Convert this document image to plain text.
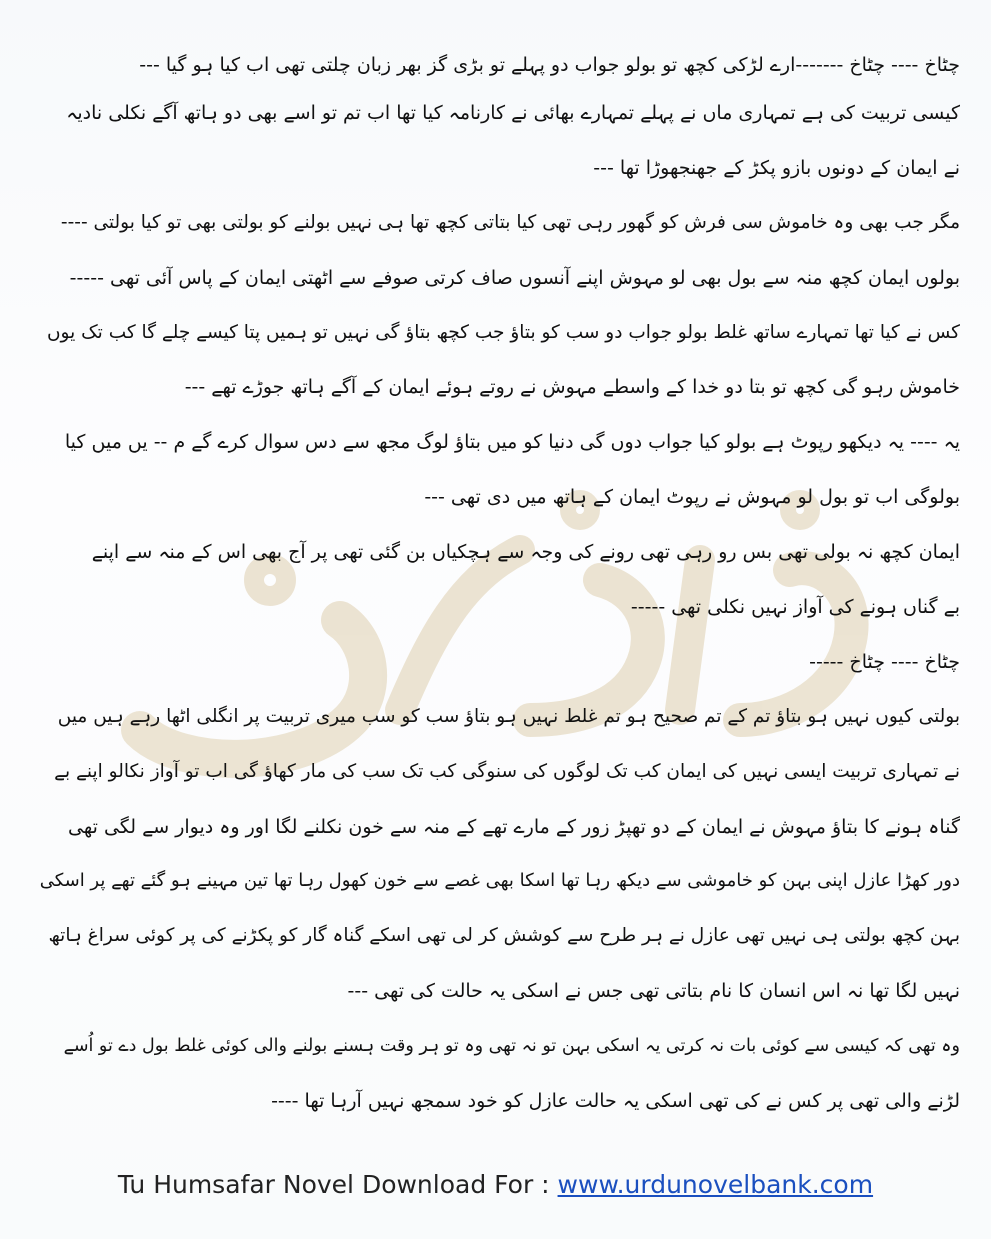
چٹاخ ---- چٹاخ -------ارے لڑکی کچھ تو بولو جواب دو پہلے تو بڑی گز بھر زبان چلتی تھی اب کیا ہو گیا ---
کیسی تربیت کی ہے تمہاری ماں نے پہلے تمہارے بھائی نے کارنامہ کیا تھا اب تم تو اسے بھی دو ہاتھ آگے نکلی نادیہ
نے ایمان کے دونوں بازو پکڑ کے جھنجھوڑا تھا ---
مگر جب بھی وہ خاموش سی فرش کو گھور رہی تھی کیا بتاتی کچھ تھا ہی نہیں بولنے کو بولتی بھی تو کیا بولتی ----
بولوں ایمان کچھ منہ سے بول بھی لو مہوش اپنے آنسوں صاف کرتی صوفے سے اٹھتی ایمان کے پاس آئی تھی -----
کس نے کیا تھا تمہارے ساتھ غلط بولو جواب دو سب کو بتاؤ جب کچھ بتاؤ گی نہیں تو ہمیں پتا کیسے چلے گا کب تک یوں
خاموش رہو گی کچھ تو بتا دو خدا کے واسطے مہوش نے روتے ہوئے ایمان کے آگے ہاتھ جوڑے تھے ---
یہ ---- یہ دیکھو رپوٹ ہے بولو کیا جواب دوں گی دنیا کو میں بتاؤ لوگ مجھ سے دس سوال کرے گے م -- یں میں کیا
بولوگی اب تو بول لو مہوش نے رپوٹ ایمان کے ہاتھ میں دی تھی ---
ایمان کچھ نہ بولی تھی بس رو رہی تھی رونے کی وجہ سے ہچکیاں بن گئی تھی پر آج بھی اس کے منہ سے اپنے
بے گناں ہونے کی آواز نہیں نکلی تھی -----
چٹاخ ---- چٹاخ -----
بولتی کیوں نہیں ہو بتاؤ تم کے تم صحیح ہو تم غلط نہیں ہو بتاؤ سب کو سب میری تربیت پر انگلی اٹھا رہے ہیں میں
نے تمہاری تربیت ایسی نہیں کی ایمان کب تک لوگوں کی سنوگی کب تک سب کی مار کھاؤ گی اب تو آواز نکالو اپنے بے
گناہ ہونے کا بتاؤ مہوش نے ایمان کے دو تھپڑ زور کے مارے تھے کے منہ سے خون نکلنے لگا اور وہ دیوار سے لگی تھی
دور کھڑا عازل اپنی بہن کو خاموشی سے دیکھ رہا تھا اسکا بھی غصے سے خون کھول رہا تھا تین مہینے ہو گئے تھے پر اسکی
بہن کچھ بولتی ہی نہیں تھی عازل نے ہر طرح سے کوشش کر لی تھی اسکے گناہ گار کو پکڑنے کی پر کوئی سراغ ہاتھ
نہیں لگا تھا نہ اس انسان کا نام بتاتی تھی جس نے اسکی یہ حالت کی تھی ---
وہ تھی کہ کیسی سے کوئی بات نہ کرتی یہ اسکی بہن تو نہ تھی وہ تو ہر وقت ہسنے بولنے والی کوئی غلط بول دے تو اُسے
لڑنے والی تھی پر کس نے کی تھی اسکی یہ حالت عازل کو خود سمجھ نہیں آرہا تھا ----
Tu Humsafar Novel Download For : www.urdunovelbank.com
